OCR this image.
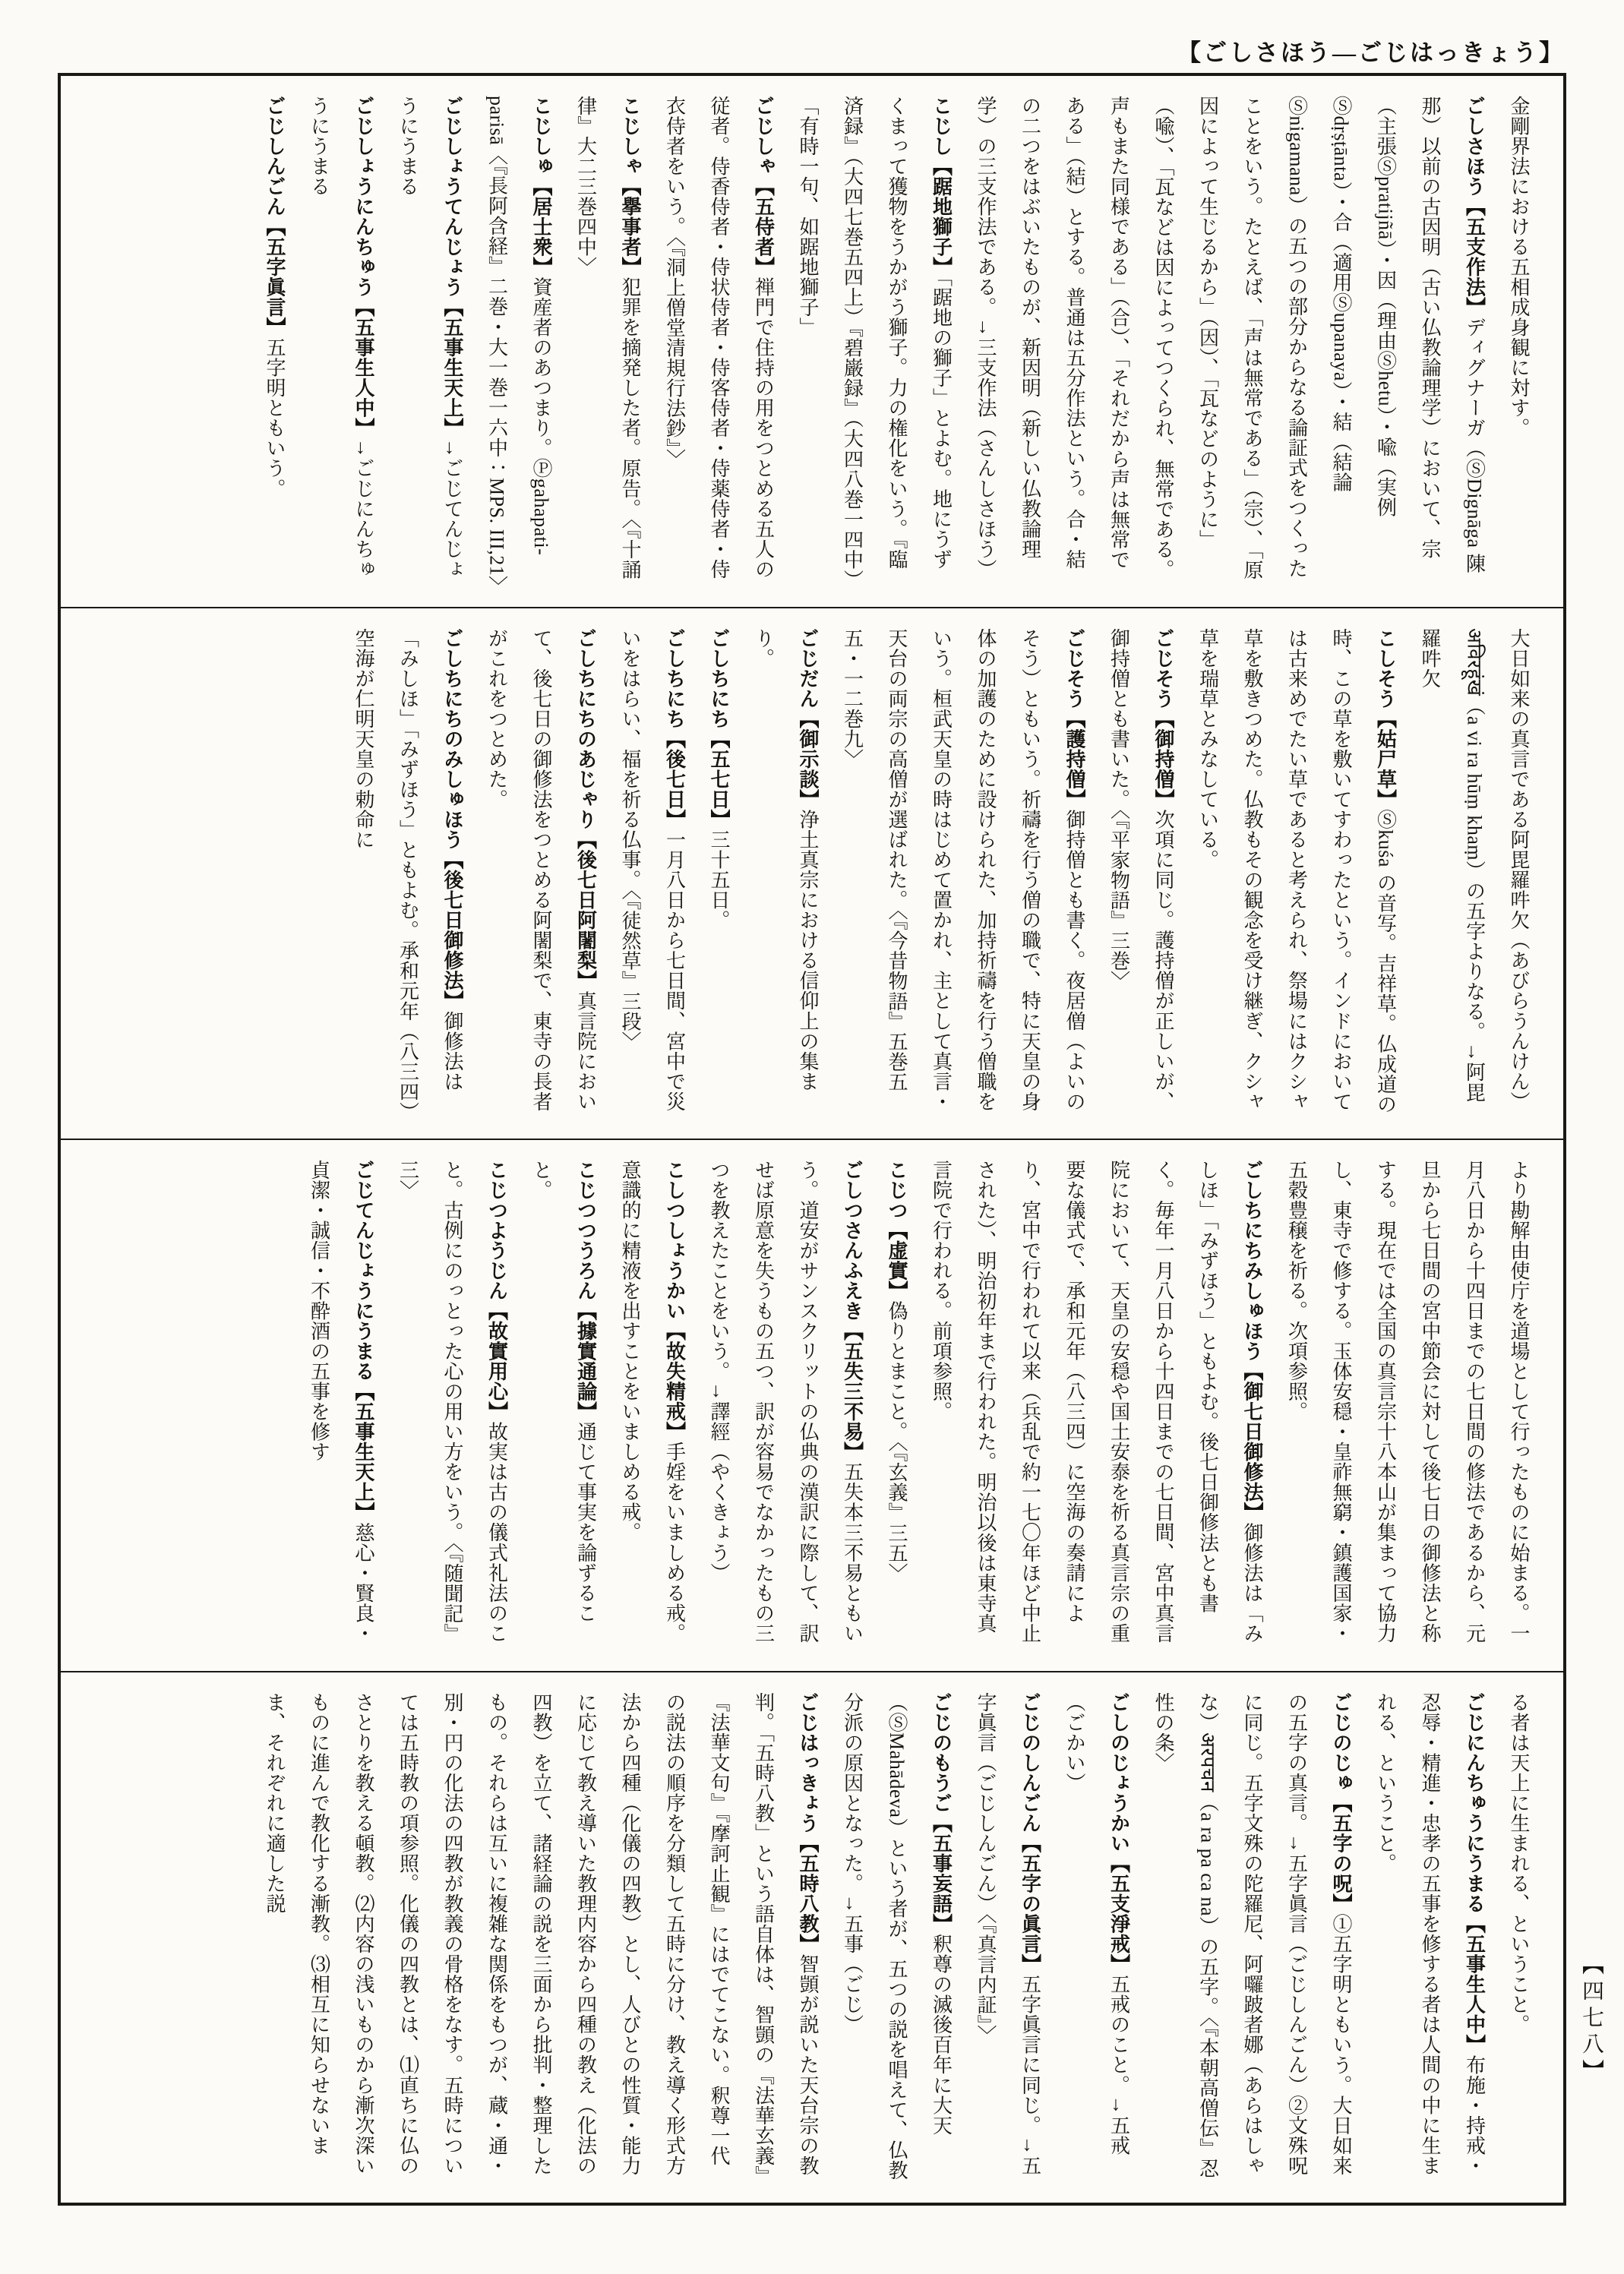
【ごしさほう―ごじはっきょう】

金剛界法における五相成身観に対す。

ごしさほう【五支作法】ディグナーガ（ⓈDignāga 陳那）以前の古因明（古い仏教論理学）において、宗（主張Ⓢpratijñā）・因（理由Ⓢhetu）・喩（実例Ⓢdṛṣṭānta）・合（適用Ⓢupanaya）・結（結論Ⓢnigamana）の五つの部分からなる論証式をつくったことをいう。たとえば、「声は無常である」（宗）、「原因によって生じるから」（因）、「瓦などのように」（喩）、「瓦などは因によってつくられ、無常である。声もまた同様である」（合）、「それだから声は無常である」（結）とする。普通は五分作法という。合・結の二つをはぶいたものが、新因明（新しい仏教論理学）の三支作法である。→三支作法（さんしさほう）

こじし【踞地獅子】「踞地の獅子」とよむ。地にうずくまって獲物をうかがう獅子。力の権化をいう。『臨済録』（大四七巻五四上）『碧巌録』（大四八巻一四中）「有時一句、如踞地獅子」

ごじしゃ【五侍者】禅門で住持の用をつとめる五人の従者。侍香侍者・侍状侍者・侍客侍者・侍薬侍者・侍衣侍者をいう。〈『洞上僧堂清規行法鈔』〉

こじしゃ【擧事者】犯罪を摘発した者。原告。〈『十誦律』大二三巻四中〉

こじしゅ【居士衆】資産者のあつまり。Ⓟgahapati-parisā〈『長阿含経』二巻・大一巻一六中：MPS. III,21〉

ごじしょうてんじょう【五事生天上】→ごじてんじょうにうまる

ごじしょうにんちゅう【五事生人中】→ごじにんちゅうにうまる

ごじしんごん【五字眞言】五字明ともいう。

大日如来の真言である阿毘羅吽欠（あびらうんけん）अविरहूंखं（a vi ra hūṃ khaṃ）の五字よりなる。→阿毘羅吽欠

こしそう【姑尸草】Ⓢkuśa の音写。吉祥草。仏成道の時、この草を敷いてすわったという。インドにおいては古来めでたい草であると考えられ、祭場にはクシャ草を敷きつめた。仏教もその観念を受け継ぎ、クシャ草を瑞草とみなしている。

ごじそう【御持僧】次項に同じ。護持僧が正しいが、御持僧とも書いた。〈『平家物語』三巻〉

ごじそう【護持僧】御持僧とも書く。夜居僧（よいのそう）ともいう。祈禱を行う僧の職で、特に天皇の身体の加護のために設けられた、加持祈禱を行う僧職をいう。桓武天皇の時はじめて置かれ、主として真言・天台の両宗の高僧が選ばれた。〈『今昔物語』五巻五五・一二巻九〉

ごじだん【御示談】浄土真宗における信仰上の集まり。

ごしちにち【五七日】三十五日。

ごしちにち【後七日】一月八日から七日間、宮中で災いをはらい、福を祈る仏事。〈『徒然草』三段〉

ごしちにちのあじゃり【後七日阿闍梨】真言院において、後七日の御修法をつとめる阿闍梨で、東寺の長者がこれをつとめた。

ごしちにちのみしゅほう【後七日御修法】御修法は「みしほ」「みずほう」ともよむ。承和元年（八三四）空海が仁明天皇の勅命に

より勘解由使庁を道場として行ったものに始まる。一月八日から十四日までの七日間の修法であるから、元旦から七日間の宮中節会に対して後七日の御修法と称する。現在では全国の真言宗十八本山が集まって協力し、東寺で修する。玉体安穏・皇祚無窮・鎮護国家・五穀豊穣を祈る。次項参照。

ごしちにちみしゅほう【御七日御修法】御修法は「みしほ」「みずほう」ともよむ。後七日御修法とも書く。毎年一月八日から十四日までの七日間、宮中真言院において、天皇の安穏や国土安泰を祈る真言宗の重要な儀式で、承和元年（八三四）に空海の奏請により、宮中で行われて以来（兵乱で約一七〇年ほど中止された）、明治初年まで行われた。明治以後は東寺真言院で行われる。前項参照。

こじつ【虚實】偽りとまこと。〈『玄義』三五〉

ごしつさんふえき【五失三不易】五失本三不易ともいう。道安がサンスクリットの仏典の漢訳に際して、訳せば原意を失うもの五つ、訳が容易でなかったもの三つを教えたことをいう。→譯經（やくきょう）

こしつしょうかい【故失精戒】手婬をいましめる戒。意識的に精液を出すことをいましめる戒。

こじつつうろん【據實通論】通じて事実を論ずること。

こじつようじん【故實用心】故実は古の儀式礼法のこと。古例にのっとった心の用い方をいう。〈『随聞記』三〉

ごじてんじょうにうまる【五事生天上】慈心・賢良・貞潔・誠信・不酔酒の五事を修す

る者は天上に生まれる、ということ。

ごじにんちゅうにうまる【五事生人中】布施・持戒・忍辱・精進・忠孝の五事を修する者は人間の中に生まれる、ということ。

ごじのじゅ【五字の呪】①五字明ともいう。大日如来の五字の真言。→五字眞言（ごじしんごん）②文殊呪に同じ。五字文殊の陀羅尼、阿囉跛者娜（あらはしゃな）अरपचन（a ra pa ca na）の五字。〈『本朝高僧伝』忍性の条〉

ごしのじょうかい【五支淨戒】五戒のこと。→五戒（ごかい）

ごじのしんごん【五字の眞言】五字眞言に同じ。→五字眞言（ごじしんごん）〈『真言内証』〉

ごじのもうご【五事妄語】釈尊の滅後百年に大天（ⓈMahādeva）という者が、五つの説を唱えて、仏教分派の原因となった。→五事（ごじ）

ごじはっきょう【五時八教】智顗が説いた天台宗の教判。「五時八教」という語自体は、智顗の『法華玄義』『法華文句』『摩訶止観』にはでてこない。釈尊一代の説法の順序を分類して五時に分け、教え導く形式方法から四種（化儀の四教）とし、人びとの性質・能力に応じて教え導いた教理内容から四種の教え（化法の四教）を立て、諸経論の説を三面から批判・整理したもの。それらは互いに複雑な関係をもつが、蔵・通・別・円の化法の四教が教義の骨格をなす。五時については五時教の項参照。化儀の四教とは、⑴直ちに仏のさとりを教える頓教。⑵内容の浅いものから漸次深いものに進んで教化する漸教。⑶相互に知らせないまま、それぞれに適した説

【四七八】
